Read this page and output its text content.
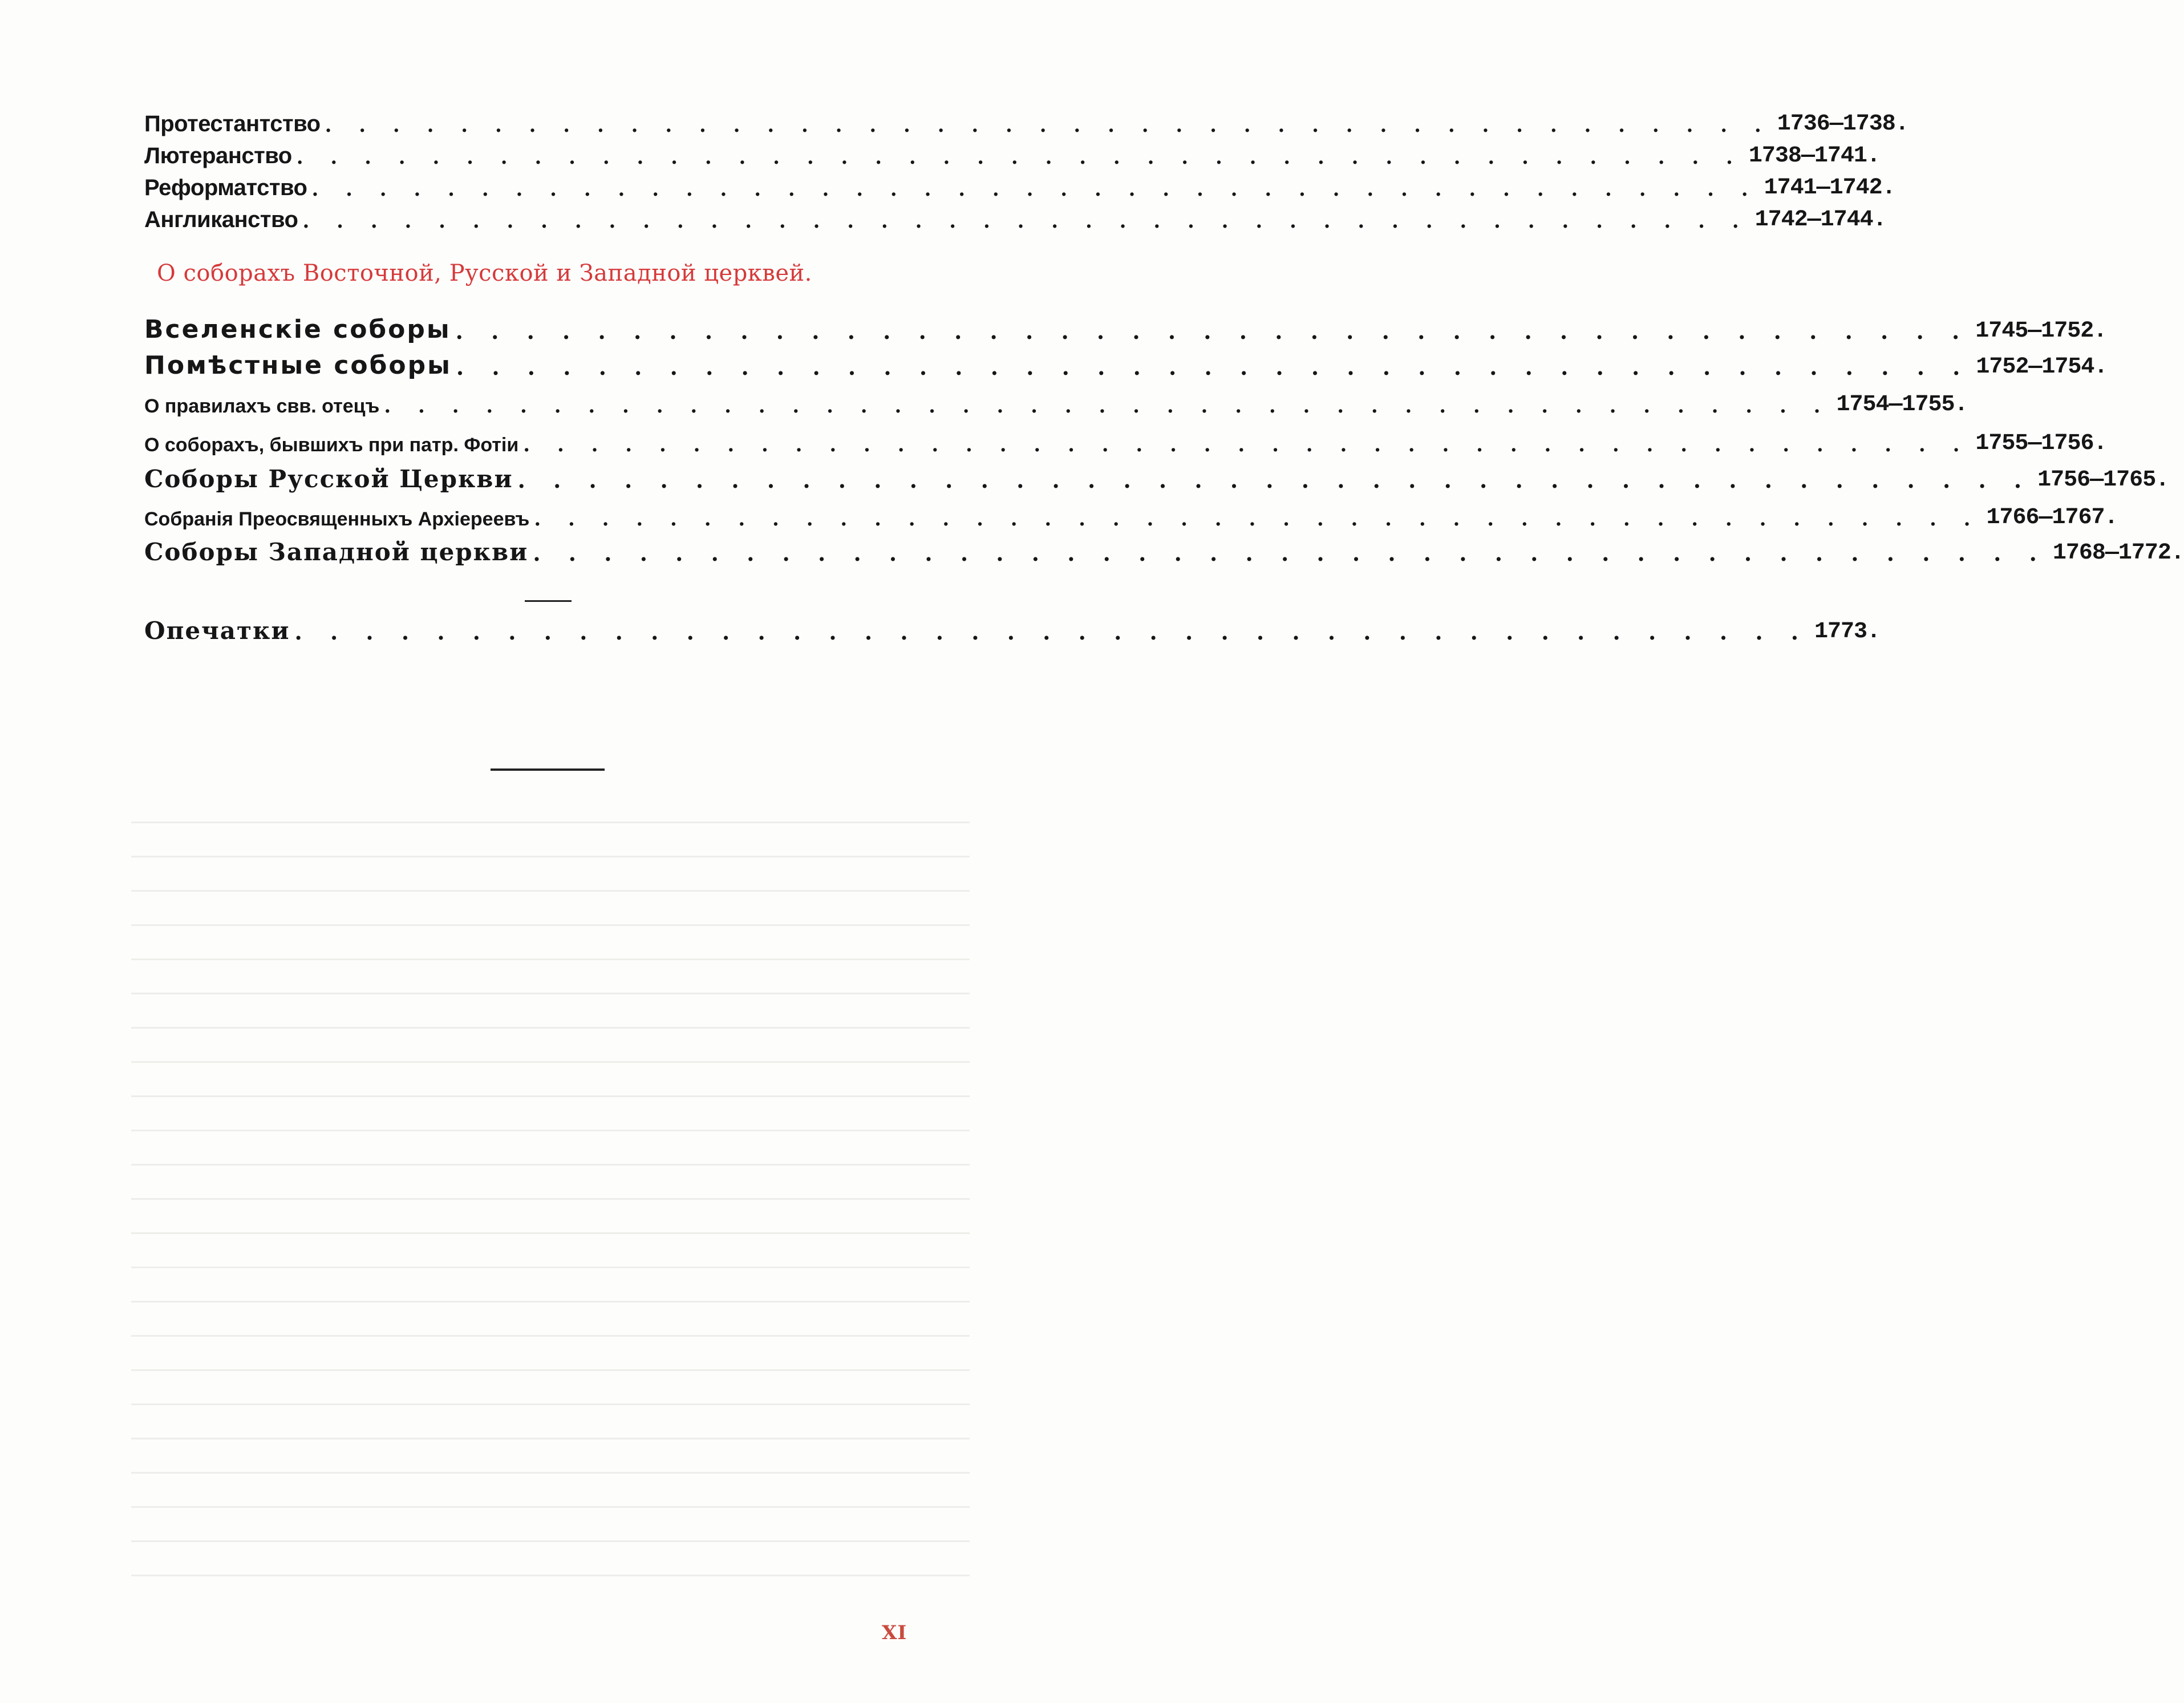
Протестантство . . . . . . . . . . . . . . . . . . . . . . . . . . . . . . . . . . . . . . . . . . . 1736—1738.
Лютеранство . . . . . . . . . . . . . . . . . . . . . . . . . . . . . . . . . . . . . . . . . . . 1738—1741.
Реформатство . . . . . . . . . . . . . . . . . . . . . . . . . . . . . . . . . . . . . . . . . . . 1741—1742.
Англиканство . . . . . . . . . . . . . . . . . . . . . . . . . . . . . . . . . . . . . . . . . . . 1742—1744.
Вселенскіе соборы . . . . . . . . . . . . . . . . . . . . . . . . . . . . . . . . . . . . . . . . . . . 1745—1752.
Помѣстные соборы . . . . . . . . . . . . . . . . . . . . . . . . . . . . . . . . . . . . . . . . . . . 1752—1754.
О правилахъ свв. отецъ . . . . . . . . . . . . . . . . . . . . . . . . . . . . . . . . . . . . . . . . . . . 1754—1755.
О соборахъ, бывшихъ при патр. Фотіи . . . . . . . . . . . . . . . . . . . . . . . . . . . . . . . . . . . . . . . . . . . 1755—1756.
Соборы Русской Церкви . . . . . . . . . . . . . . . . . . . . . . . . . . . . . . . . . . . . . . . . . . . 1756—1765.
Собранія Преосвященныхъ Архіереевъ . . . . . . . . . . . . . . . . . . . . . . . . . . . . . . . . . . . . . . . . . . . 1766—1767.
Соборы Западной церкви . . . . . . . . . . . . . . . . . . . . . . . . . . . . . . . . . . . . . . . . . . . 1768—1772.
Опечатки . . . . . . . . . . . . . . . . . . . . . . . . . . . . . . . . . . . . . . . . . . . 1773.
О соборахъ Восточной, Русской и Западной церквей.
XI
